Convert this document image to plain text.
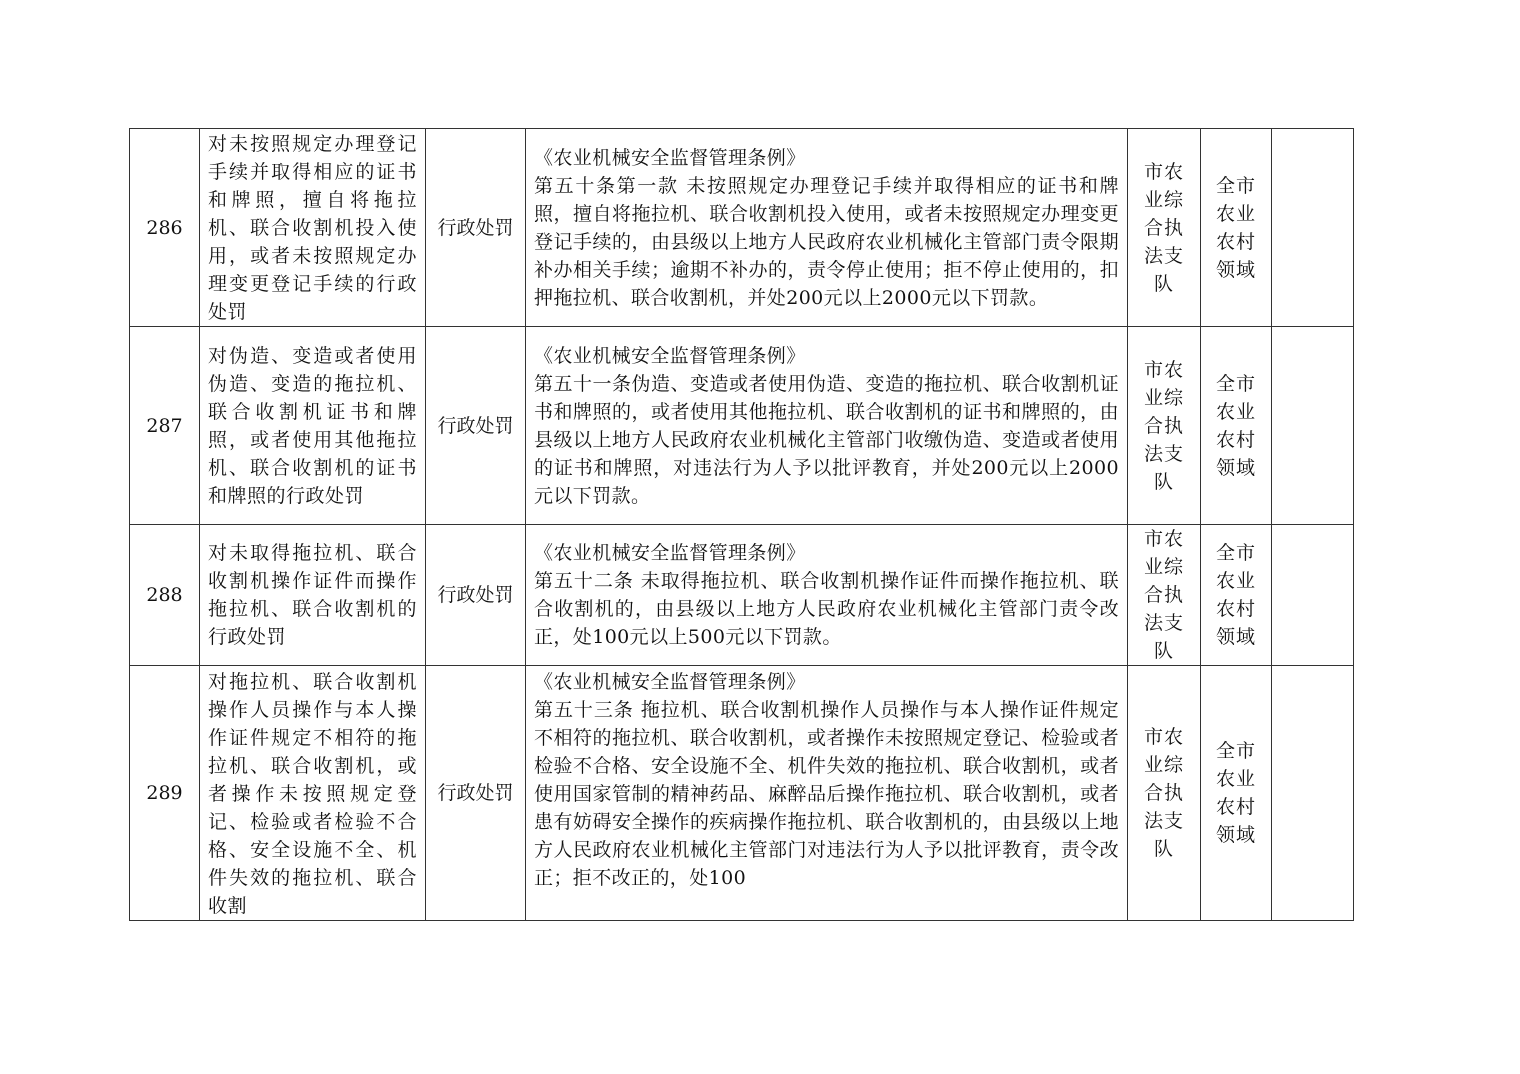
286	对未按照规定办理登记手续并取得相应的证书和牌照，擅自将拖拉机、联合收割机投入使用，或者未按照规定办理变更登记手续的行政处罚	行政处罚	《农业机械安全监督管理条例》
第五十条第一款 未按照规定办理登记手续并取得相应的证书和牌照，擅自将拖拉机、联合收割机投入使用，或者未按照规定办理变更登记手续的，由县级以上地方人民政府农业机械化主管部门责令限期补办相关手续；逾期不补办的，责令停止使用；拒不停止使用的，扣押拖拉机、联合收割机，并处200元以上2000元以下罚款。	市农业综合执法支队	全市农业农村领域	
287	对伪造、变造或者使用伪造、变造的拖拉机、联合收割机证书和牌照，或者使用其他拖拉机、联合收割机的证书和牌照的行政处罚	行政处罚	《农业机械安全监督管理条例》
第五十一条伪造、变造或者使用伪造、变造的拖拉机、联合收割机证书和牌照的，或者使用其他拖拉机、联合收割机的证书和牌照的，由县级以上地方人民政府农业机械化主管部门收缴伪造、变造或者使用的证书和牌照，对违法行为人予以批评教育，并处200元以上2000元以下罚款。	市农业综合执法支队	全市农业农村领域	
288	对未取得拖拉机、联合收割机操作证件而操作拖拉机、联合收割机的行政处罚	行政处罚	《农业机械安全监督管理条例》
第五十二条 未取得拖拉机、联合收割机操作证件而操作拖拉机、联合收割机的，由县级以上地方人民政府农业机械化主管部门责令改正，处100元以上500元以下罚款。	市农业综合执法支队	全市农业农村领域	
289	对拖拉机、联合收割机操作人员操作与本人操作证件规定不相符的拖拉机、联合收割机，或者操作未按照规定登记、检验或者检验不合格、安全设施不全、机件失效的拖拉机、联合收割	行政处罚	《农业机械安全监督管理条例》
第五十三条 拖拉机、联合收割机操作人员操作与本人操作证件规定不相符的拖拉机、联合收割机，或者操作未按照规定登记、检验或者检验不合格、安全设施不全、机件失效的拖拉机、联合收割机，或者使用国家管制的精神药品、麻醉品后操作拖拉机、联合收割机，或者患有妨碍安全操作的疾病操作拖拉机、联合收割机的，由县级以上地方人民政府农业机械化主管部门对违法行为人予以批评教育，责令改正；拒不改正的，处100	市农业综合执法支队	全市农业农村领域	
